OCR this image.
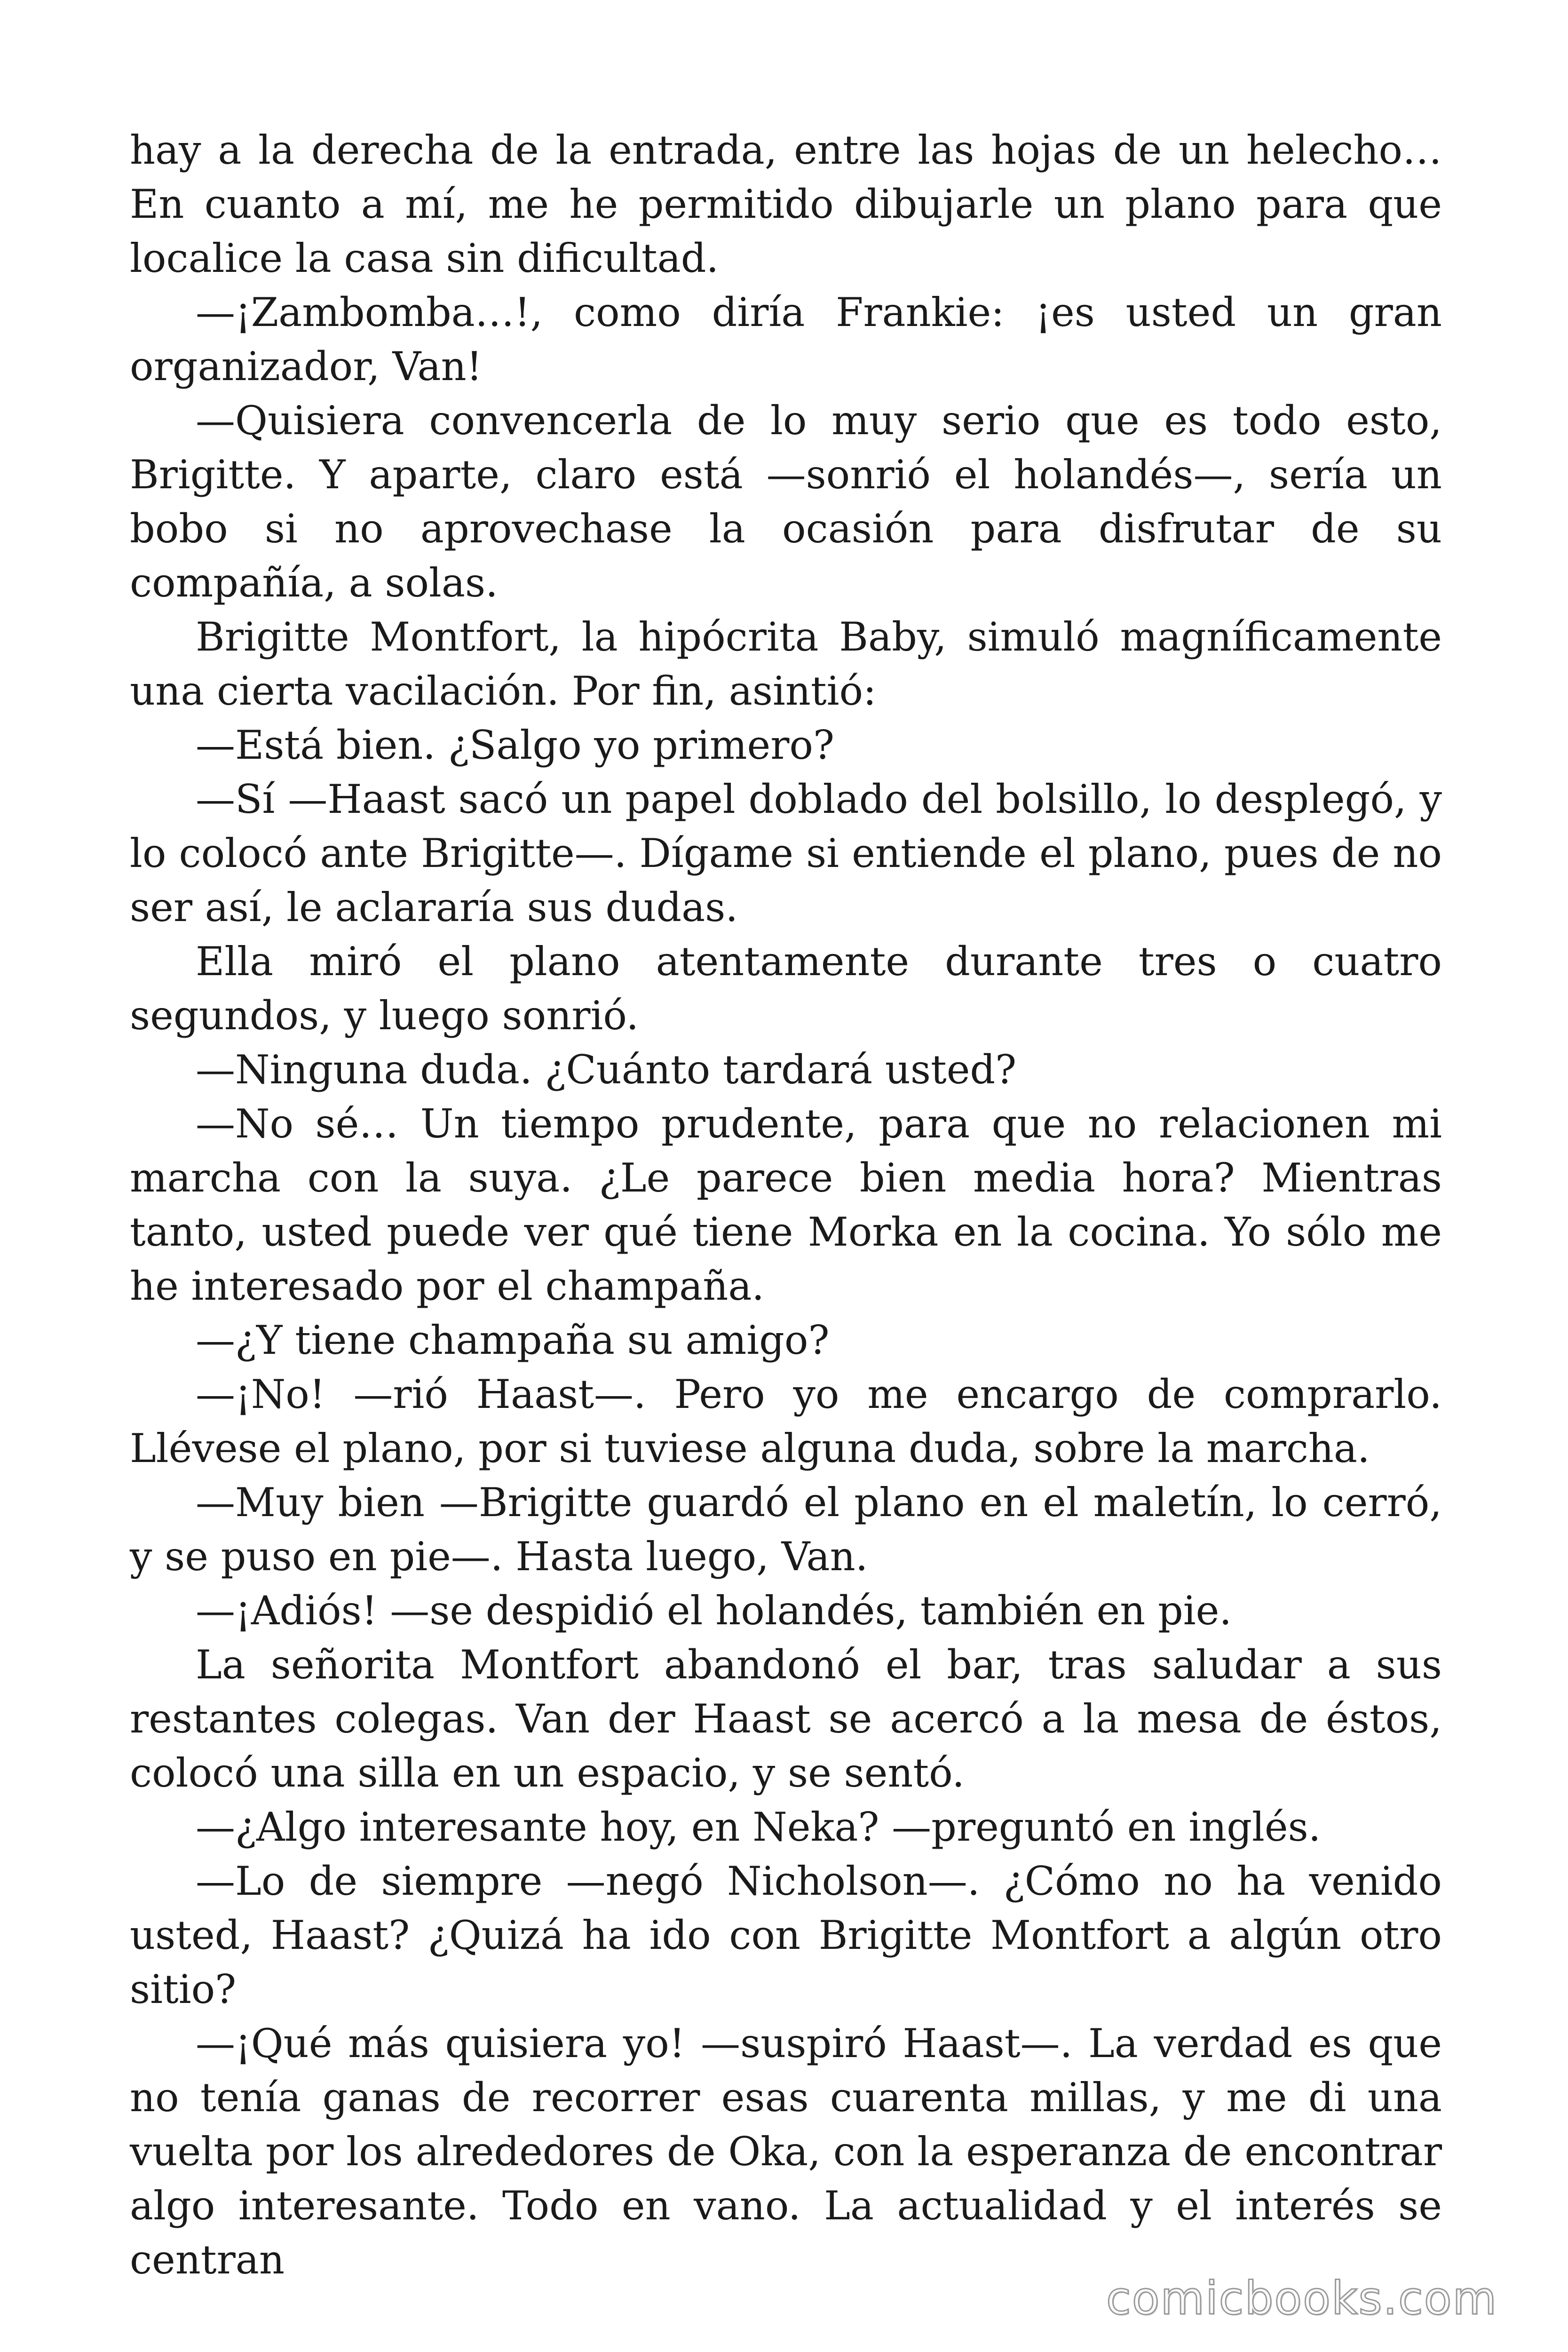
hay a la derecha de la entrada, entre las hojas de un helecho… En cuanto a mí, me he permitido dibujarle un plano para que localice la casa sin dificultad.

—¡Zambomba…!, como diría Frankie: ¡es usted un gran organizador, Van!

—Quisiera convencerla de lo muy serio que es todo esto, Brigitte. Y aparte, claro está —sonrió el holandés—, sería un bobo si no aprovechase la ocasión para disfrutar de su compañía, a solas.

Brigitte Montfort, la hipócrita Baby, simuló magníficamente una cierta vacilación. Por fin, asintió:

—Está bien. ¿Salgo yo primero?

—Sí —Haast sacó un papel doblado del bolsillo, lo desplegó, y lo colocó ante Brigitte—. Dígame si entiende el plano, pues de no ser así, le aclararía sus dudas.

Ella miró el plano atentamente durante tres o cuatro segundos, y luego sonrió.

—Ninguna duda. ¿Cuánto tardará usted?

—No sé… Un tiempo prudente, para que no relacionen mi marcha con la suya. ¿Le parece bien media hora? Mientras tanto, usted puede ver qué tiene Morka en la cocina. Yo sólo me he interesado por el champaña.

—¿Y tiene champaña su amigo?

—¡No! —rió Haast—. Pero yo me encargo de comprarlo. Llévese el plano, por si tuviese alguna duda, sobre la marcha.

—Muy bien —Brigitte guardó el plano en el maletín, lo cerró, y se puso en pie—. Hasta luego, Van.

—¡Adiós! —se despidió el holandés, también en pie.

La señorita Montfort abandonó el bar, tras saludar a sus restantes colegas. Van der Haast se acercó a la mesa de éstos, colocó una silla en un espacio, y se sentó.

—¿Algo interesante hoy, en Neka? —preguntó en inglés.

—Lo de siempre —negó Nicholson—. ¿Cómo no ha venido usted, Haast? ¿Quizá ha ido con Brigitte Montfort a algún otro sitio?

—¡Qué más quisiera yo! —suspiró Haast—. La verdad es que no tenía ganas de recorrer esas cuarenta millas, y me di una vuelta por los alrededores de Oka, con la esperanza de encontrar algo interesante. Todo en vano. La actualidad y el interés se centran

comicbooks.com
